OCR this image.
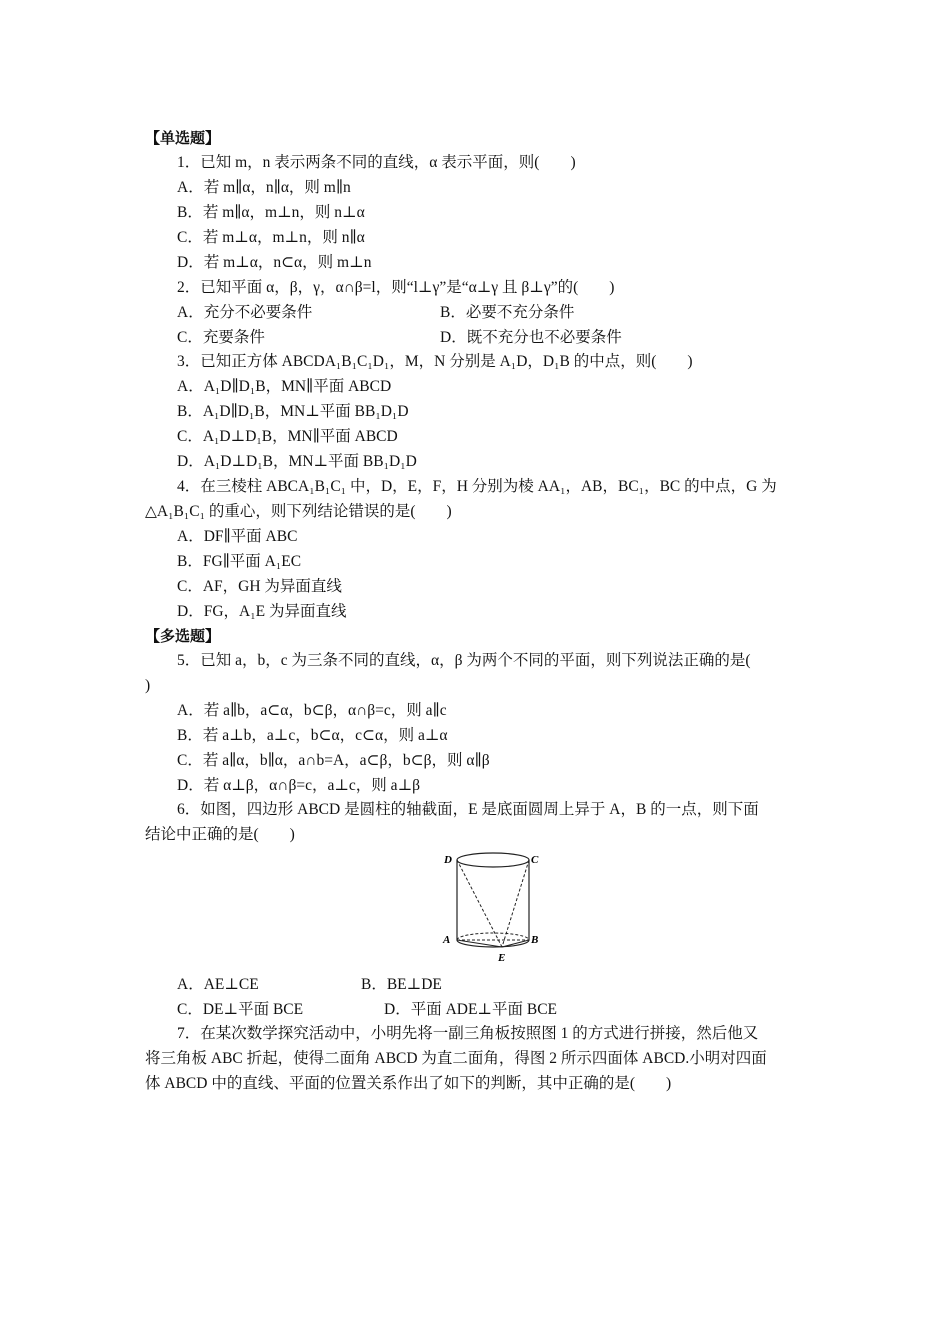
【单选题】
1．已知 m，n 表示两条不同的直线，α 表示平面，则(　　)
A．若 m∥α，n∥α，则 m∥n
B．若 m∥α，m⊥n，则 n⊥α
C．若 m⊥α，m⊥n，则 n∥α
D．若 m⊥α，n⊂α，则 m⊥n
2．已知平面 α，β，γ，α∩β=l，则“l⊥γ”是“α⊥γ 且 β⊥γ”的(　　)
A．充分不必要条件	B．必要不充分条件
C．充要条件	D．既不充分也不必要条件
3．已知正方体 ABCDA₁B₁C₁D₁，M，N 分别是 A₁D，D₁B 的中点，则(　　)
A．A₁D∥D₁B，MN∥平面 ABCD
B．A₁D∥D₁B，MN⊥平面 BB₁D₁D
C．A₁D⊥D₁B，MN∥平面 ABCD
D．A₁D⊥D₁B，MN⊥平面 BB₁D₁D
4．在三棱柱 ABCA₁B₁C₁ 中，D，E，F，H 分别为棱 AA₁，AB，BC₁，BC 的中点，G 为
△A₁B₁C₁ 的重心，则下列结论错误的是(　　)
A．DF∥平面 ABC
B．FG∥平面 A₁EC
C．AF，GH 为异面直线
D．FG，A₁E 为异面直线
【多选题】
5．已知 a，b，c 为三条不同的直线，α，β 为两个不同的平面，则下列说法正确的是(
)
A．若 a∥b，a⊂α，b⊂β，α∩β=c，则 a∥c
B．若 a⊥b，a⊥c，b⊂α，c⊂α，则 a⊥α
C．若 a∥α，b∥α，a∩b=A，a⊂β，b⊂β，则 α∥β
D．若 α⊥β，α∩β=c，a⊥c，则 a⊥β
6．如图，四边形 ABCD 是圆柱的轴截面，E 是底面圆周上异于 A，B 的一点，则下面
结论中正确的是(　　)
D	C
A	B
E
A．AE⊥CE	B．BE⊥DE
C．DE⊥平面 BCE	D．平面 ADE⊥平面 BCE
7．在某次数学探究活动中，小明先将一副三角板按照图 1 的方式进行拼接，然后他又
将三角板 ABC 折起，使得二面角 ABCD 为直二面角，得图 2 所示四面体 ABCD.小明对四面
体 ABCD 中的直线、平面的位置关系作出了如下的判断，其中正确的是(　　)
